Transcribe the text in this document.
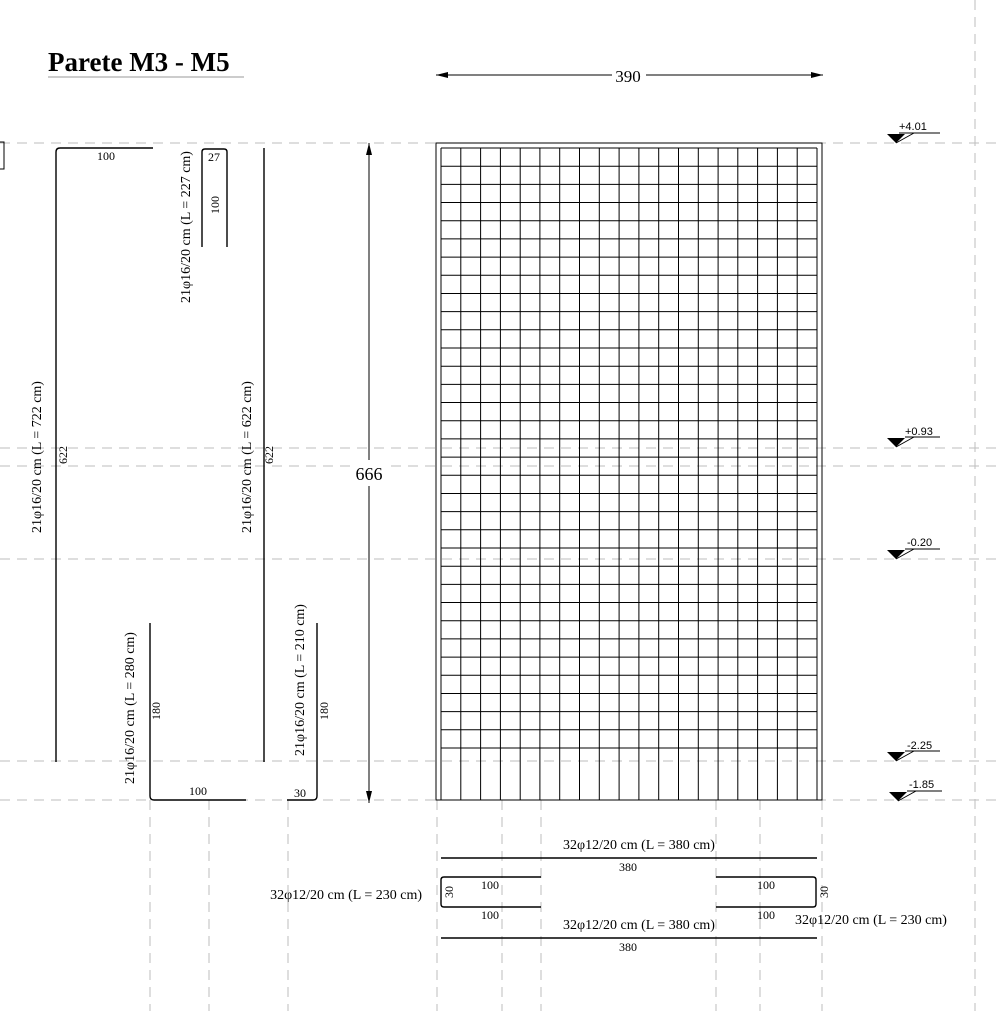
Parete M3 - M5	390
666
100
622
21φ16/20 cm (L = 722 cm)
27
100
21φ16/20 cm (L = 227 cm)
622
21φ16/20 cm (L = 622 cm)
180
100
21φ16/20 cm (L = 280 cm)	180
30
21φ16/20 cm (L = 210 cm)
+4.01
+0.93
-0.20
-2.25
-1.85
32φ12/20 cm (L = 380 cm)
380
32φ12/20 cm (L = 230 cm)
100
100
30	100
100
30
32φ12/20 cm (L = 230 cm)
32φ12/20 cm (L = 380 cm)
380
